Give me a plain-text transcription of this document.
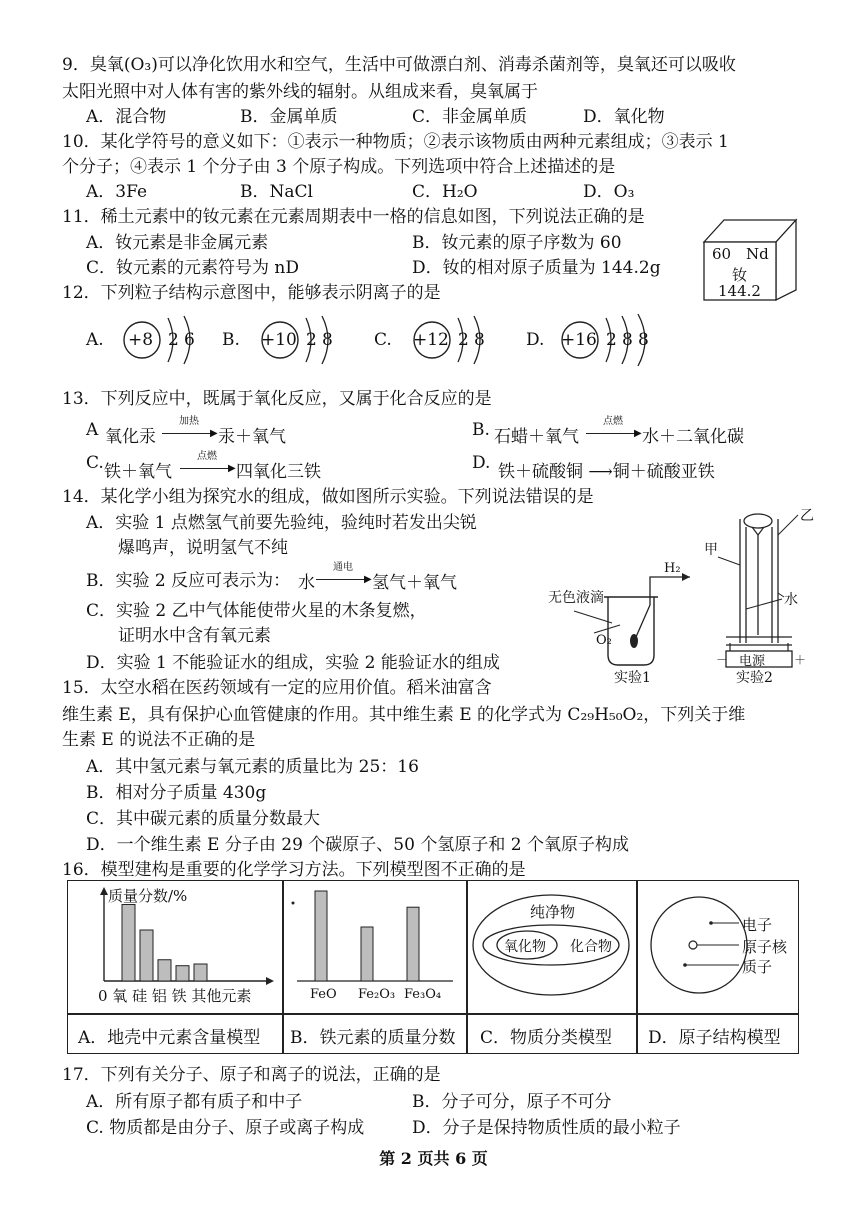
9．臭氧(O₃)可以净化饮用水和空气，生活中可做漂白剂、消毒杀菌剂等，臭氧还可以吸收
太阳光照中对人体有害的紫外线的辐射。从组成来看，臭氧属于
A．混合物	B．金属单质	C．非金属单质	D．氧化物
10．某化学符号的意义如下：①表示一种物质；②表示该物质由两种元素组成；③表示 1
个分子；④表示 1 个分子由 3 个原子构成。下列选项中符合上述描述的是
A．3Fe	B．NaCl	C．H₂O	D．O₃
11．稀土元素中的钕元素在元素周期表中一格的信息如图，下列说法正确的是
A．钕元素是非金属元素	B．钕元素的原子序数为 60
C．钕元素的元素符号为 nD	D．钕的相对原子质量为 144.2g
60 Nd
钕
144.2
12．下列粒子结构示意图中，能够表示阴离子的是
A. +8 2 6 B. +10 2 8 C. +12 2 8 D. +16 2 8 8
13．下列反应中，既属于氧化反应，又属于化合反应的是
A 氧化汞
加热
▶ 汞＋氧气	B. 石蜡＋氧气
点燃
▶ 水＋二氧化碳
C. 铁＋氧气
点燃
▶ 四氧化三铁	D. 铁＋硫酸铜 ⟶铜＋硫酸亚铁
14．某化学小组为探究水的组成，做如图所示实验。下列说法错误的是
A．实验 1 点燃氢气前要先验纯，验纯时若发出尖锐
爆鸣声，说明氢气不纯
B．实验 2 反应可表示为： 水
通电
▶ 氢气＋氧气
C．实验 2 乙中气体能使带火星的木条复燃，
证明水中含有氧元素
D．实验 1 不能验证水的组成，实验 2 能验证水的组成
H₂
无色液滴
O₂
实验1
甲
乙
水
电源
－	＋
实验2
15．太空水稻在医药领域有一定的应用价值。稻米油富含
维生素 E，具有保护心血管健康的作用。其中维生素 E 的化学式为 C₂₉H₅₀O₂，下列关于维
生素 E 的说法不正确的是
A．其中氢元素与氧元素的质量比为 25：16
B．相对分子质量 430g
C．其中碳元素的质量分数最大
D．一个维生素 E 分子由 29 个碳原子、50 个氢原子和 2 个氧原子构成
16．模型建构是重要的化学学习方法。下列模型图不正确的是
质量分数/%
0 氧 硅 铝 铁 其他元素	FeO Fe₂O₃ Fe₃O₄
纯净物
氧化物 化合物
电子
原子核
质子
A．地壳中元素含量模型 B．铁元素的质量分数 C．物质分类模型 D．原子结构模型
17．下列有关分子、原子和离子的说法，正确的是
A．所有原子都有质子和中子	B．分子可分，原子不可分
C. 物质都是由分子、原子或离子构成	D．分子是保持物质性质的最小粒子
第 2 页共 6 页
